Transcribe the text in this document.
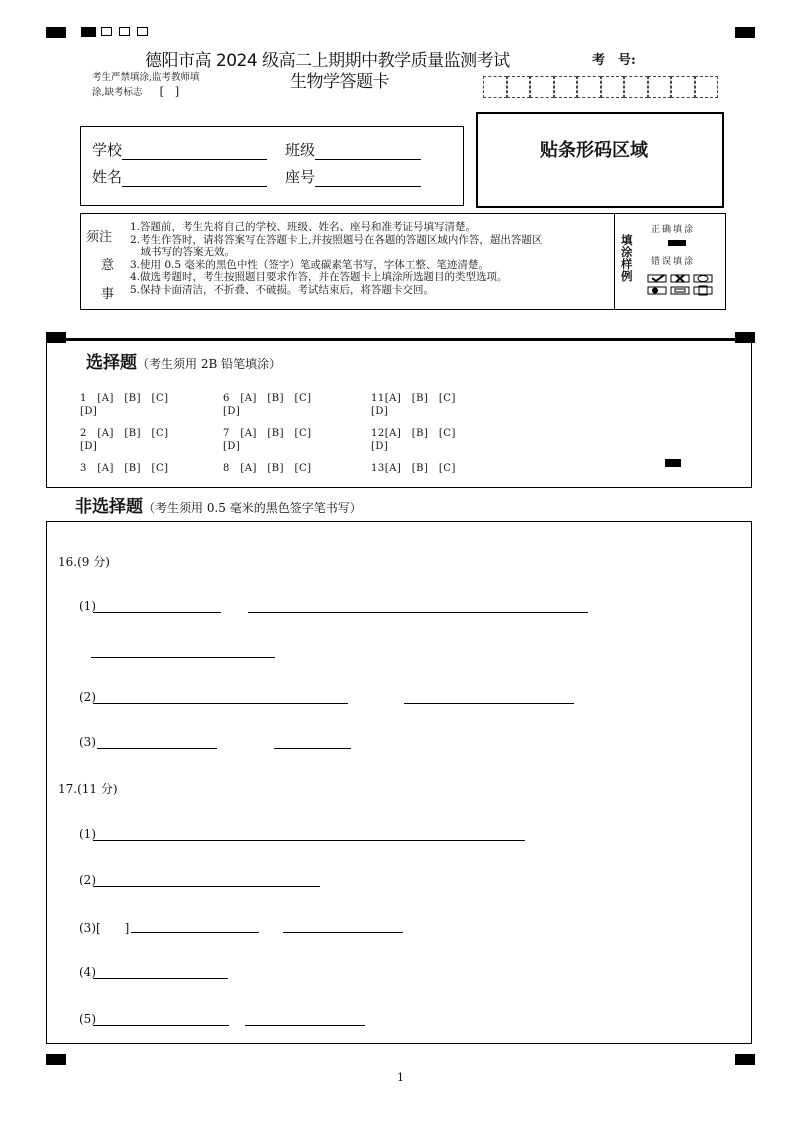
德阳市高 2024 级高二上期期中教学质量监测考试
生物学答题卡
考　号:
考生严禁填涂,监考教师填
涂,缺考标志 [　]
学校	班级
姓名	座号
贴条形码区域
须注
意
事
1.答题前，考生先将自己的学校、班级、姓名、座号和准考证号填写清楚。
2.考生作答时，请将答案写在答题卡上,并按照题号在各题的答题区域内作答，超出答题区
　域书写的答案无效。
3.使用 0.5 毫米的黑色中性（签字）笔或碳素笔书写，字体工整、笔迹清楚。
4.做选考题时，考生按照题目要求作答，并在答题卡上填涂所选题目的类型选项。
5.保持卡面清洁，不折叠、不破损。考试结束后，将答题卡交回。
填
涂
样
例
正确填涂
错误填涂
选择题（考生须用 2B 铅笔填涂）
1　[A]　[B]　[C]	6　[A]　[B]　[C]	11[A]　[B]　[C]
[D]	[D]	[D]
2　[A]　[B]　[C]	7　[A]　[B]　[C]	12[A]　[B]　[C]
[D]	[D]	[D]
3　[A]　[B]　[C]	8　[A]　[B]　[C]	13[A]　[B]　[C]
非选择题（考生须用 0.5 毫米的黑色签字笔书写）
16.(9 分)
(1)
(2)
(3)
17.(11 分)
(1)
(2)
(3)[　　]
(4)
(5)
1
